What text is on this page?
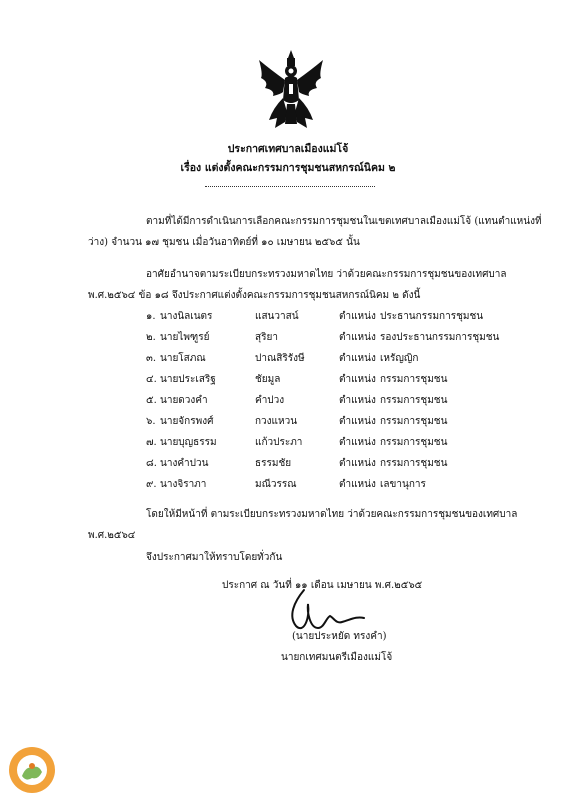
ประกาศเทศบาลเมืองแม่โจ้
เรื่อง แต่งตั้งคณะกรรมการชุมชนสหกรณ์นิคม ๒
ตามที่ได้มีการดำเนินการเลือกคณะกรรมการชุมชนในเขตเทศบาลเมืองแม่โจ้ (แทนตำแหน่งที่
ว่าง) จำนวน ๑๗ ชุมชน เมื่อวันอาทิตย์ที่ ๑๐ เมษายน ๒๕๖๕ นั้น
อาศัยอำนาจตามระเบียบกระทรวงมหาดไทย ว่าด้วยคณะกรรมการชุมชนของเทศบาล
พ.ศ.๒๕๖๔ ข้อ ๑๘ จึงประกาศแต่งตั้งคณะกรรมการชุมชนสหกรณ์นิคม ๒ ดังนี้
๑. นางนิลเนตร	แสนวาสน์	ตำแหน่ง ประธานกรรมการชุมชน
๒. นายไพฑูรย์	สุริยา	ตำแหน่ง รองประธานกรรมการชุมชน
๓. นายโสภณ	ปาณสิริรังษี	ตำแหน่ง เหรัญญิก
๔. นายประเสริฐ	ชัยมูล	ตำแหน่ง กรรมการชุมชน
๕. นายดวงคำ	คำปวง	ตำแหน่ง กรรมการชุมชน
๖. นายจักรพงศ์	กวงแหวน	ตำแหน่ง กรรมการชุมชน
๗. นายบุญธรรม	แก้วประภา	ตำแหน่ง กรรมการชุมชน
๘. นางคำปวน	ธรรมชัย	ตำแหน่ง กรรมการชุมชน
๙. นางจิราภา	มณีวรรณ	ตำแหน่ง เลขานุการ
โดยให้มีหน้าที่ ตามระเบียบกระทรวงมหาดไทย ว่าด้วยคณะกรรมการชุมชนของเทศบาล
พ.ศ.๒๕๖๔
จึงประกาศมาให้ทราบโดยทั่วกัน
ประกาศ ณ วันที่ ๑๑ เดือน เมษายน พ.ศ.๒๕๖๕
(นายประหยัด ทรงคำ)
นายกเทศมนตรีเมืองแม่โจ้
